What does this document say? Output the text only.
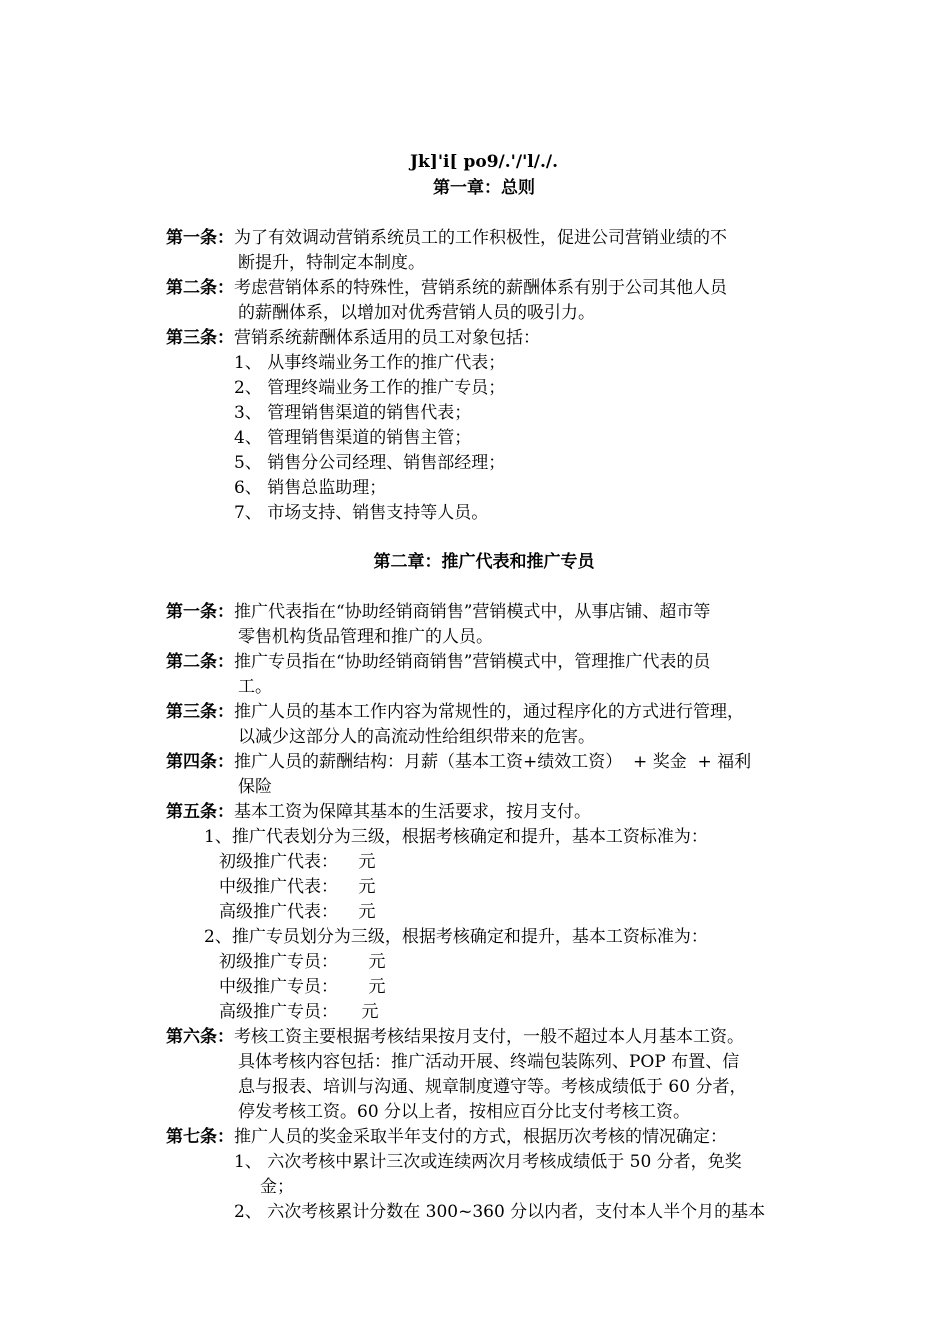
Jk]'i[ po9/.'/'l/./.
第一章：总则
第一条：为了有效调动营销系统员工的工作积极性，促进公司营销业绩的不
断提升，特制定本制度。
第二条：考虑营销体系的特殊性，营销系统的薪酬体系有别于公司其他人员
的薪酬体系，以增加对优秀营销人员的吸引力。
第三条：营销系统薪酬体系适用的员工对象包括：
1、 从事终端业务工作的推广代表；
2、 管理终端业务工作的推广专员；
3、 管理销售渠道的销售代表；
4、 管理销售渠道的销售主管；
5、 销售分公司经理、销售部经理；
6、 销售总监助理；
7、 市场支持、销售支持等人员。
第二章：推广代表和推广专员
第一条：推广代表指在“协助经销商销售”营销模式中，从事店铺、超市等
零售机构货品管理和推广的人员。
第二条：推广专员指在“协助经销商销售”营销模式中，管理推广代表的员
工。
第三条：推广人员的基本工作内容为常规性的，通过程序化的方式进行管理，
以减少这部分人的高流动性给组织带来的危害。
第四条：推广人员的薪酬结构：月薪（基本工资+绩效工资）  + 奖金  + 福利
保险
第五条：基本工资为保障其基本的生活要求，按月支付。
1、推广代表划分为三级，根据考核确定和提升，基本工资标准为：
初级推广代表： 元
中级推广代表： 元
高级推广代表： 元
2、推广专员划分为三级，根据考核确定和提升，基本工资标准为：
初级推广专员： 元
中级推广专员： 元
高级推广专员： 元
第六条：考核工资主要根据考核结果按月支付，一般不超过本人月基本工资。
具体考核内容包括：推广活动开展、终端包装陈列、POP 布置、信
息与报表、培训与沟通、规章制度遵守等。考核成绩低于 60 分者，
停发考核工资。60 分以上者，按相应百分比支付考核工资。
第七条：推广人员的奖金采取半年支付的方式，根据历次考核的情况确定：
1、 六次考核中累计三次或连续两次月考核成绩低于 50 分者，免奖
金；
2、 六次考核累计分数在 300~360 分以内者，支付本人半个月的基本
